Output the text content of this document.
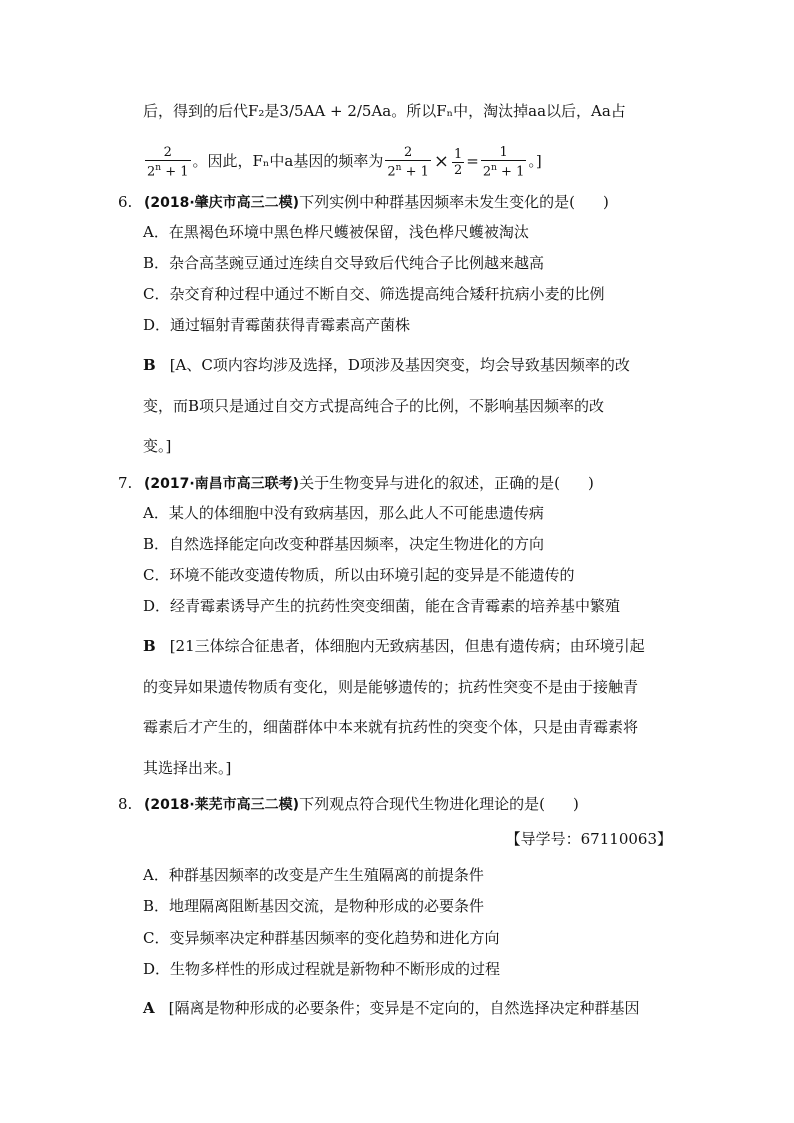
后，得到的后代F₂是3/5AA + 2/5Aa。所以Fₙ中，淘汰掉aa以后，Aa占
$\frac{2}{2^n + 1}$ 。因此，Fₙ中a基因的频率为 $\frac{2}{2^n + 1} \times \frac{1}{2} = \frac{1}{2^n + 1}$ 。]
6. (2018·肇庆市高三二模)下列实例中种群基因频率未发生变化的是( )
A．在黑褐色环境中黑色桦尺蠖被保留，浅色桦尺蠖被淘汰
B．杂合高茎豌豆通过连续自交导致后代纯合子比例越来越高
C．杂交育种过程中通过不断自交、筛选提高纯合矮秆抗病小麦的比例
D．通过辐射青霉菌获得青霉素高产菌株
B [A、C项内容均涉及选择，D项涉及基因突变，均会导致基因频率的改
变，而B项只是通过自交方式提高纯合子的比例，不影响基因频率的改
变。]
7. (2017·南昌市高三联考)关于生物变异与进化的叙述，正确的是( )
A．某人的体细胞中没有致病基因，那么此人不可能患遗传病
B．自然选择能定向改变种群基因频率，决定生物进化的方向
C．环境不能改变遗传物质，所以由环境引起的变异是不能遗传的
D．经青霉素诱导产生的抗药性突变细菌，能在含青霉素的培养基中繁殖
B [21三体综合征患者，体细胞内无致病基因，但患有遗传病；由环境引起
的变异如果遗传物质有变化，则是能够遗传的；抗药性突变不是由于接触青
霉素后才产生的，细菌群体中本来就有抗药性的突变个体，只是由青霉素将
其选择出来。]
8. (2018·莱芜市高三二模)下列观点符合现代生物进化理论的是( )
【导学号：67110063】
A．种群基因频率的改变是产生生殖隔离的前提条件
B．地理隔离阻断基因交流，是物种形成的必要条件
C．变异频率决定种群基因频率的变化趋势和进化方向
D．生物多样性的形成过程就是新物种不断形成的过程
A [隔离是物种形成的必要条件；变异是不定向的，自然选择决定种群基因
